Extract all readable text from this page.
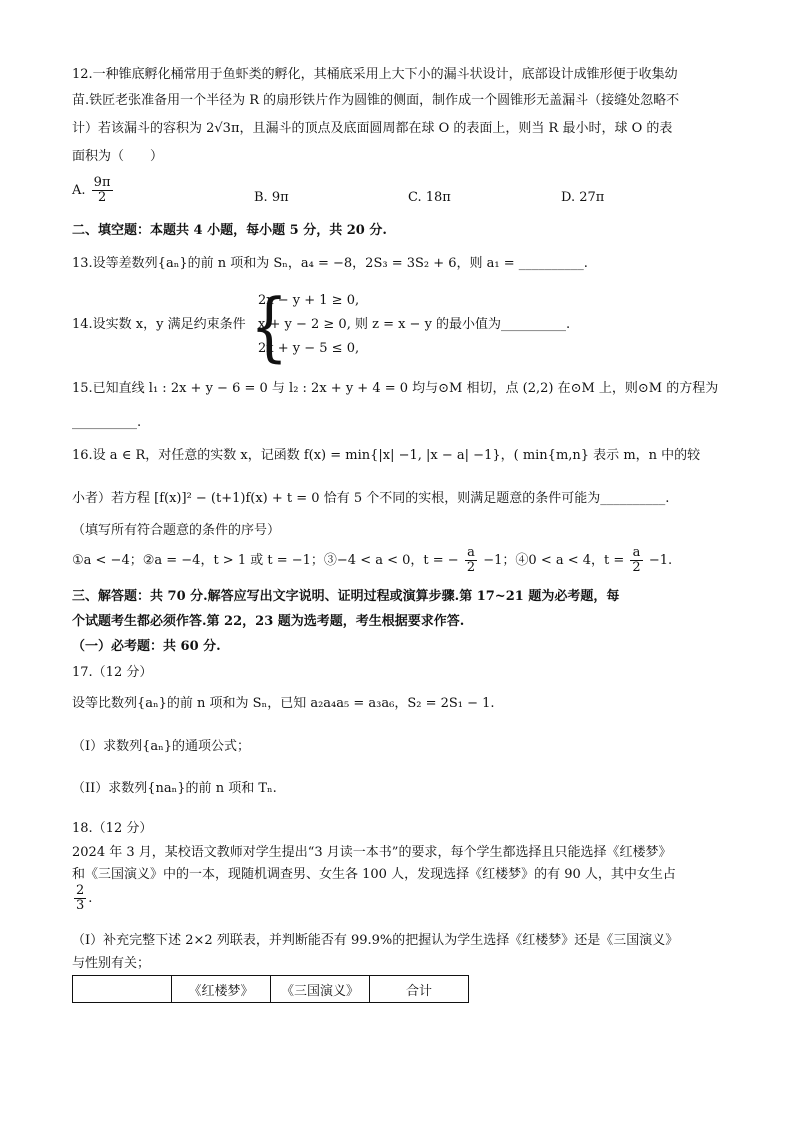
12.一种锥底孵化桶常用于鱼虾类的孵化，其桶底采用上大下小的漏斗状设计，底部设计成锥形便于收集幼
苗.铁匠老张准备用一个半径为 R 的扇形铁片作为圆锥的侧面，制作成一个圆锥形无盖漏斗（接缝处忽略不
计）若该漏斗的容积为 2√3π，且漏斗的顶点及底面圆周都在球 O 的表面上，则当 R 最小时，球 O 的表
面积为（　　）
A. $\frac{9\pi}{2}$	B. 9π	C. 18π	D. 27π
二、填空题：本题共 4 小题，每小题 5 分，共 20 分.
13.设等差数列{aₙ}的前 n 项和为 Sₙ，a₄ = −8，2S₃ = 3S₂ + 6，则 a₁ = __________.
14.设实数 x，y 满足约束条件
2x − y + 1 ≥ 0,
x + y − 2 ≥ 0, 则 z = x − y 的最小值为__________.
2x + y − 5 ≤ 0,
15.已知直线 l₁ : 2x + y − 6 = 0 与 l₂ : 2x + y + 4 = 0 均与⊙M 相切，点 (2,2) 在⊙M 上，则⊙M 的方程为
__________.
16.设 a ∈ R，对任意的实数 x，记函数 f(x) = min{|x| −1, |x − a| −1}，( min{m,n} 表示 m，n 中的较
小者）若方程 [f(x)]² − (t+1)f(x) + t = 0 恰有 5 个不同的实根，则满足题意的条件可能为__________.
（填写所有符合题意的条件的序号）
①a < −4；②a = −4，t > 1 或 t = −1；③−4 < a < 0，t = − $\frac{a}{2} -1$；④0 < a < 4，$t = \frac{a}{2} -1$.
三、解答题：共 70 分.解答应写出文字说明、证明过程或演算步骤.第 17~21 题为必考题，每
个试题考生都必须作答.第 22，23 题为选考题，考生根据要求作答.
（一）必考题：共 60 分.
17.（12 分）
设等比数列{aₙ}的前 n 项和为 Sₙ，已知 a₂a₄a₅ = a₃a₆，S₂ = 2S₁ − 1.
（I）求数列{aₙ}的通项公式；
（II）求数列{naₙ}的前 n 项和 Tₙ.
18.（12 分）
2024 年 3 月，某校语文教师对学生提出“3 月读一本书”的要求，每个学生都选择且只能选择《红楼梦》
和《三国演义》中的一本，现随机调查男、女生各 100 人，发现选择《红楼梦》的有 90 人，其中女生占
$\frac{2}{3}$ .
（I）补充完整下述 2×2 列联表，并判断能否有 99.9%的把握认为学生选择《红楼梦》还是《三国演义》
与性别有关；
{
	《红楼梦》	《三国演义》	合计
